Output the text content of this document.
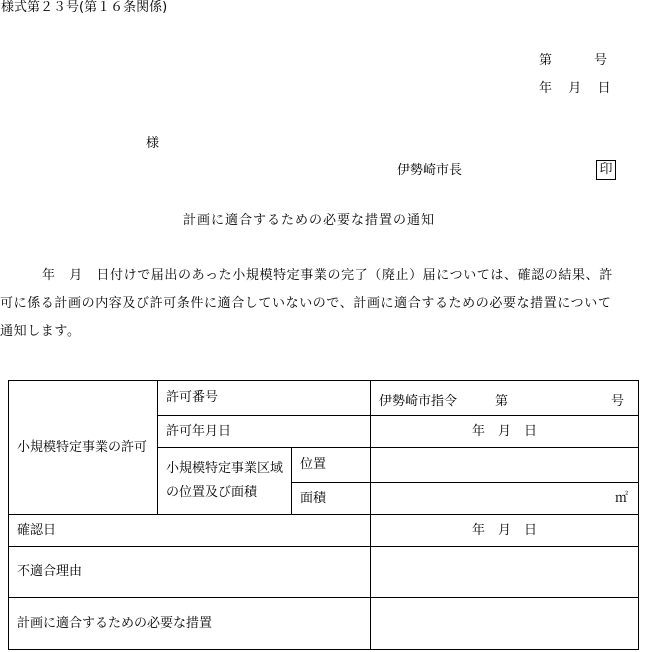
様式第２３号(第１６条関係)
第	号
年 月 日
様
伊勢崎市長	印
計画に適合するための必要な措置の通知

年　月　日付けで届出のあった小規模特定事業の完了（廃止）届については、確認の結果、許

可に係る計画の内容及び許可条件に適合していないので、計画に適合するための必要な措置について

通知します。

小規模特定事業の許可	許可番号		伊勢崎市指令 第 号

	許可年月日		年　月　日

	小規模特定事業区域の位置及び面積	位置	
		面積	㎡
確認日			年　月　日
不適合理由			
計画に適合するための必要な措置			
